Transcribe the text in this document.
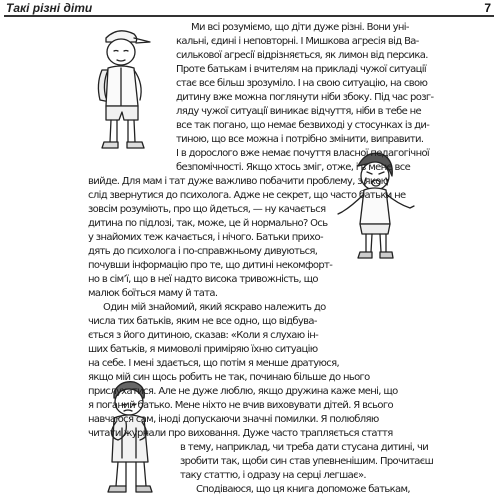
Такі різні діти	7
Ми всі розуміємо, що діти дуже різні. Вони уні-
кальні, єдині і неповторні. І Мишкова агресія від Ва-
силькової агресії відрізняється, як лимон від персика.
Проте батькам і вчителям на прикладі чужої ситуації
стає все більш зрозуміло. І на свою ситуацію, на свою
дитину вже можна поглянути ніби збоку. Під час розг-
ляду чужої ситуації виникає відчуття, ніби в тебе не
все так погано, що немає безвиході у стосунках із ди-
тиною, що все можна і потрібно змінити, виправити.
І в дорослого вже немає почуття власної педагогічної
безпомічності. Якщо хтось зміг, отже, і в мене все
вийде. Для мам і тат дуже важливо побачити проблему, з якою
слід звернутися до психолога. Адже не секрет, що часто батьки не
зовсім розуміють, про що йдеться, — ну качається
дитина по підлозі, так, може, це й нормально? Ось
у знайомих теж качається, і нічого. Батьки прихо-
дять до психолога і по-справжньому дивуються,
почувши інформацію про те, що дитині некомфорт-
но в сім’ї, що в неї надто висока тривожність, що
малюк боїться маму й тата.
Один мій знайомий, який яскраво належить до
числа тих батьків, яким не все одно, що відбува-
ється з його дитиною, сказав: «Коли я слухаю ін-
ших батьків, я мимоволі приміряю їхню ситуацію
на себе. І мені здається, що потім я менше дратуюся,
якщо мій син щось робить не так, починаю більше до нього
прислухатися. Але не дуже люблю, якщо дружина каже мені, що
я поганий батько. Мене ніхто не вчив виховувати дітей. Я всього
навчаюся сам, іноді допускаючи значні помилки. Я полюбляю
читати журнали про виховання. Дуже часто трапляється стаття
в тему, наприклад, чи треба дати стусана дитині, чи
зробити так, щоби син став упевненішим. Прочитаєш
таку статтю, і одразу на серці легшає».
Сподіваюся, що ця книга допоможе батькам,
